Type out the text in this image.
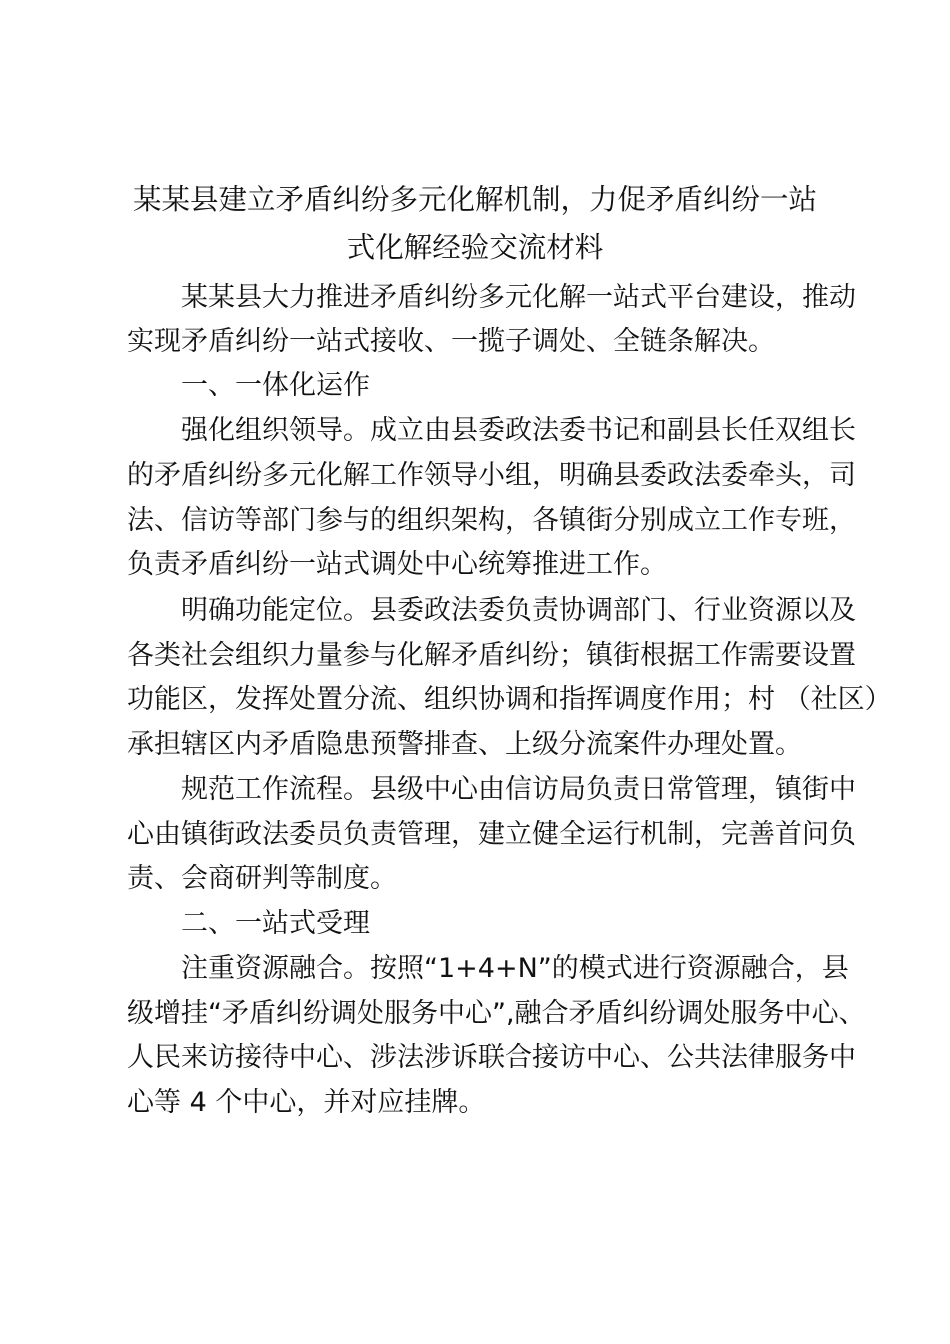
某某县建立矛盾纠纷多元化解机制，力促矛盾纠纷一站
式化解经验交流材料

某某县大力推进矛盾纠纷多元化解一站式平台建设，推动

实现矛盾纠纷一站式接收、一揽子调处、全链条解决。

一、一体化运作

强化组织领导。成立由县委政法委书记和副县长任双组长

的矛盾纠纷多元化解工作领导小组，明确县委政法委牵头，司

法、信访等部门参与的组织架构，各镇街分别成立工作专班，

负责矛盾纠纷一站式调处中心统筹推进工作。

明确功能定位。县委政法委负责协调部门、行业资源以及

各类社会组织力量参与化解矛盾纠纷；镇街根据工作需要设置

功能区，发挥处置分流、组织协调和指挥调度作用；村 （社区）

承担辖区内矛盾隐患预警排查、上级分流案件办理处置。

规范工作流程。县级中心由信访局负责日常管理，镇街中

心由镇街政法委员负责管理，建立健全运行机制，完善首问负

责、会商研判等制度。

二、一站式受理

注重资源融合。按照“1+4+N”的模式进行资源融合，县

级增挂“矛盾纠纷调处服务中心”,融合矛盾纠纷调处服务中心、

人民来访接待中心、涉法涉诉联合接访中心、公共法律服务中

心等 4 个中心，并对应挂牌。
